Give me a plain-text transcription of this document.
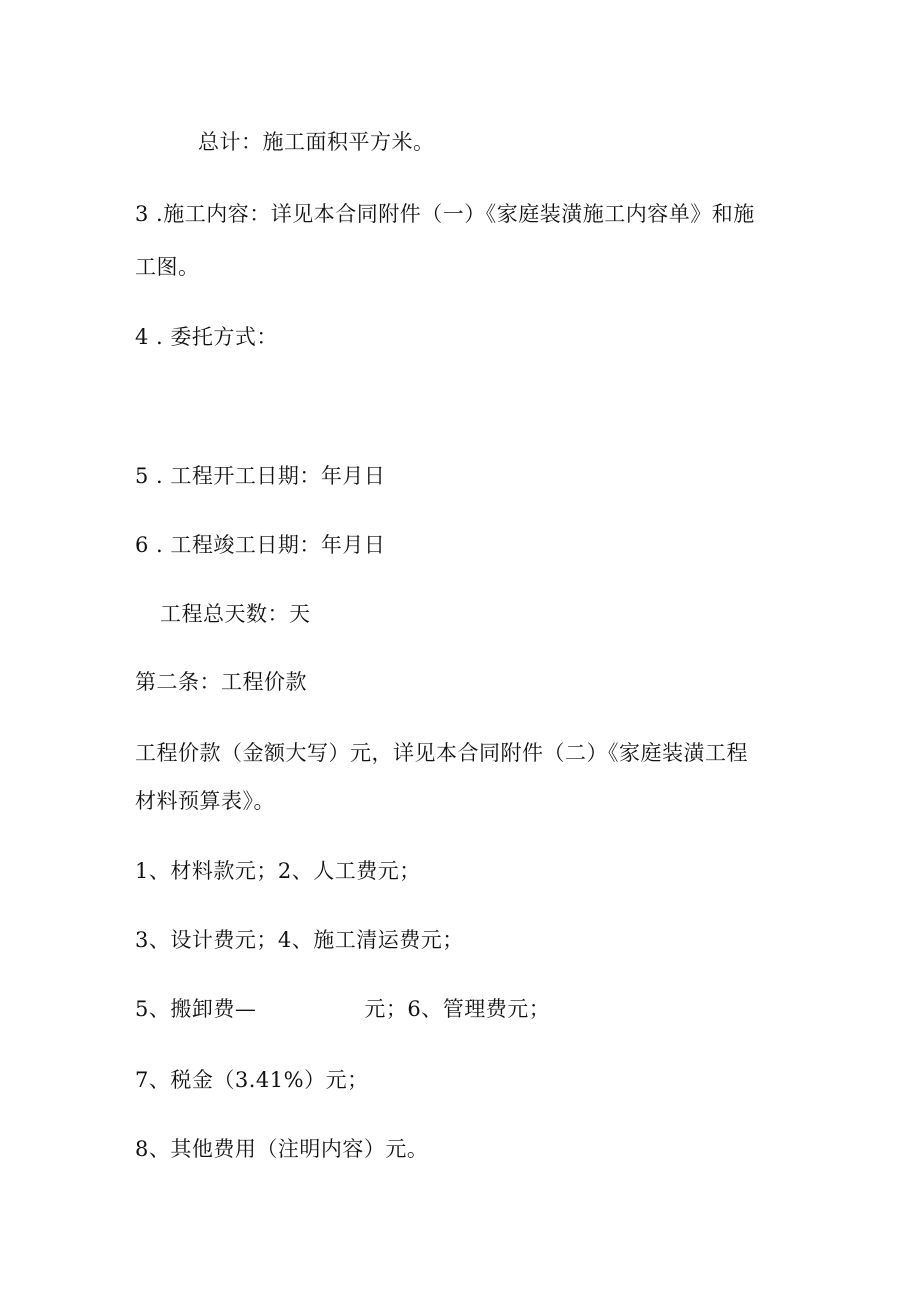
总计：施工面积平方米。
3 .施工内容：详见本合同附件（一）《家庭装潢施工内容单》和施
工图。
4 . 委托方式：
5 . 工程开工日期：年月日
6 . 工程竣工日期：年月日
工程总天数：天
第二条：工程价款
工程价款（金额大写）元，详见本合同附件（二）《家庭装潢工程
材料预算表》。
1、材料款元；2、人工费元；
3、设计费元；4、施工清运费元；
5、搬卸费—	元；6、管理费元；
7、税金（3.41%）元；
8、其他费用（注明内容）元。
